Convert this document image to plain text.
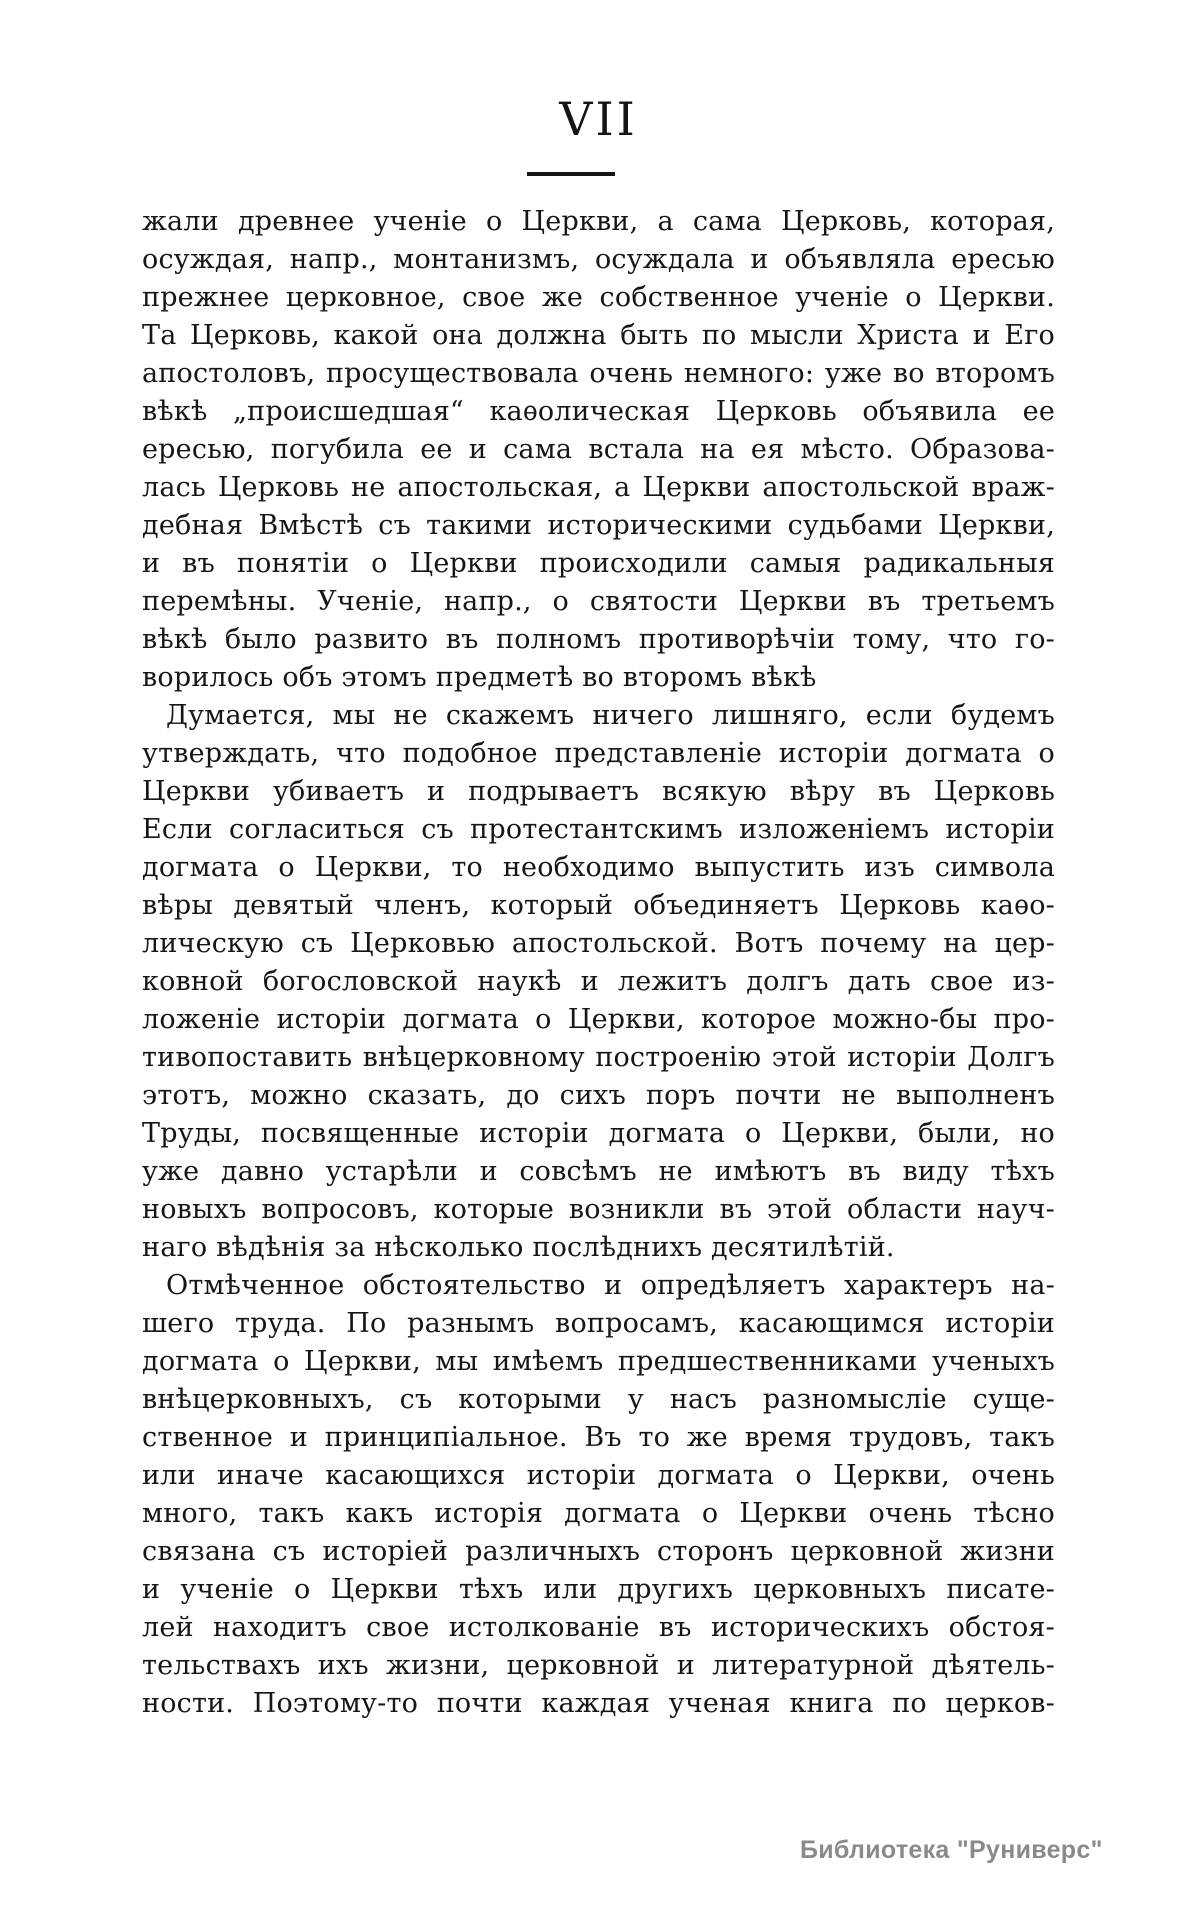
VII
жали древнее ученіе о Церкви, а сама Церковь, которая,
осуждая, напр., монтанизмъ, осуждала и объявляла ересью
прежнее церковное, свое же собственное ученіе о Церкви.
Та Церковь, какой она должна быть по мысли Христа и Его
апостоловъ, просуществовала очень немного: уже во второмъ
вѣкѣ „происшедшая“ каѳолическая Церковь объявила ее
ересью, погубила ее и сама встала на ея мѣсто. Образова-
лась Церковь не апостольская, а Церкви апостольской враж-
дебная Вмѣстѣ съ такими историческими судьбами Церкви,
и въ понятіи о Церкви происходили самыя радикальныя
перемѣны. Ученіе, напр., о святости Церкви въ третьемъ
вѣкѣ было развито въ полномъ противорѣчіи тому, что го-
ворилось объ этомъ предметѣ во второмъ вѣкѣ
Думается, мы не скажемъ ничего лишняго, если будемъ
утверждать, что подобное представленіе исторіи догмата о
Церкви убиваетъ и подрываетъ всякую вѣру въ Церковь
Если согласиться съ протестантскимъ изложеніемъ исторіи
догмата о Церкви, то необходимо выпустить изъ символа
вѣры девятый членъ, который объединяетъ Церковь каѳо-
лическую съ Церковью апостольской. Вотъ почему на цер-
ковной богословской наукѣ и лежитъ долгъ дать свое из-
ложеніе исторіи догмата о Церкви, которое можно-бы про-
тивопоставить внѣцерковному построенію этой исторіи Долгъ
этотъ, можно сказать, до сихъ поръ почти не выполненъ
Труды, посвященные исторіи догмата о Церкви, были, но
уже давно устарѣли и совсѣмъ не имѣютъ въ виду тѣхъ
новыхъ вопросовъ, которые возникли въ этой области науч-
наго вѣдѣнія за нѣсколько послѣднихъ десятилѣтій.
Отмѣченное обстоятельство и опредѣляетъ характеръ на-
шего труда. По разнымъ вопросамъ, касающимся исторіи
догмата о Церкви, мы имѣемъ предшественниками ученыхъ
внѣцерковныхъ, съ которыми у насъ разномысліе суще-
ственное и принципіальное. Въ то же время трудовъ, такъ
или иначе касающихся исторіи догмата о Церкви, очень
много, такъ какъ исторія догмата о Церкви очень тѣсно
связана съ исторіей различныхъ сторонъ церковной жизни
и ученіе о Церкви тѣхъ или другихъ церковныхъ писате-
лей находитъ свое истолкованіе въ историческихъ обстоя-
тельствахъ ихъ жизни, церковной и литературной дѣятель-
ности. Поэтому-то почти каждая ученая книга по церков-
Библиотека "Руниверс"
